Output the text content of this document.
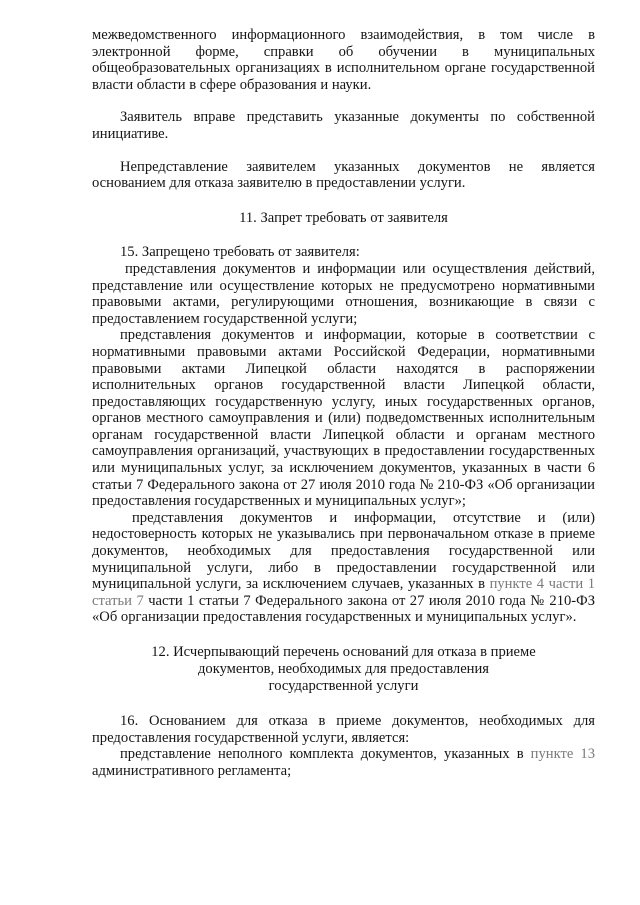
межведомственного информационного взаимодействия, в том числе в электронной форме, справки об обучении в муниципальных общеобразовательных организациях в исполнительном органе государственной власти области в сфере образования и науки.

Заявитель вправе представить указанные документы по собственной инициативе.

Непредставление заявителем указанных документов не является основанием для отказа заявителю в предоставлении услуги.

11. Запрет требовать от заявителя

15. Запрещено требовать от заявителя:

представления документов и информации или осуществления действий, представление или осуществление которых не предусмотрено нормативными правовыми актами, регулирующими отношения, возникающие в связи с предоставлением государственной услуги;

представления документов и информации, которые в соответствии с нормативными правовыми актами Российской Федерации, нормативными правовыми актами Липецкой области находятся в распоряжении исполнительных органов государственной власти Липецкой области, предоставляющих государственную услугу, иных государственных органов, органов местного самоуправления и (или) подведомственных исполнительным органам государственной власти Липецкой области и органам местного самоуправления организаций, участвующих в предоставлении государственных или муниципальных услуг, за исключением документов, указанных в части 6 статьи 7 Федерального закона от 27 июля 2010 года № 210-ФЗ «Об организации предоставления государственных и муниципальных услуг»;

представления документов и информации, отсутствие и (или) недостоверность которых не указывались при первоначальном отказе в приеме документов, необходимых для предоставления государственной или муниципальной услуги, либо в предоставлении государственной или муниципальной услуги, за исключением случаев, указанных в пункте 4 части 1 статьи 7 части 1 статьи 7 Федерального закона от 27 июля 2010 года № 210-ФЗ «Об организации предоставления государственных и муниципальных услуг».

12. Исчерпывающий перечень оснований для отказа в приеме
документов, необходимых для предоставления
государственной услуги

16. Основанием для отказа в приеме документов, необходимых для предоставления государственной услуги, является:

представление неполного комплекта документов, указанных в пункте 13 административного регламента;
